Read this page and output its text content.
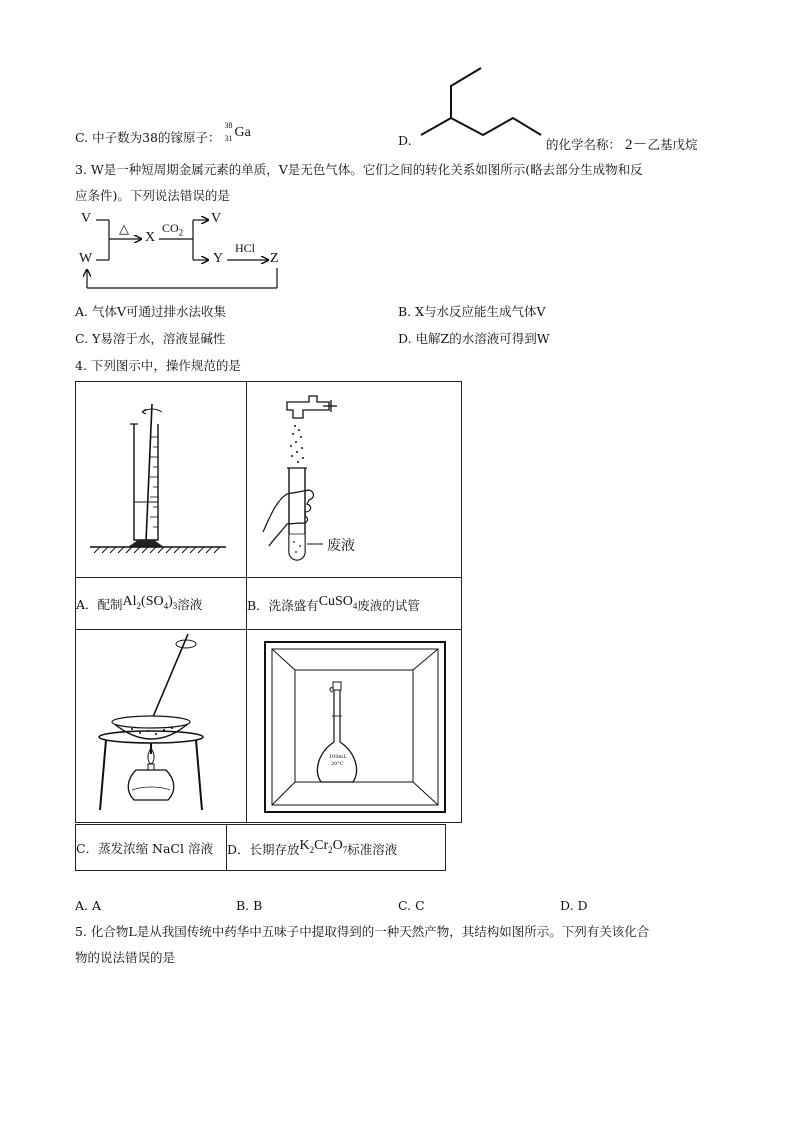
C. 中子数为38的镓原子：
38
31 Ga
D.	的化学名称： 2－乙基戊烷
3. W是一种短周期金属元素的单质，V是无色气体。它们之间的转化关系如图所示(略去部分生成物和反
应条件)。下列说法错误的是
V
W
△
X
$CO_2$
V
Y
HCl
Z
A. 气体V可通过排水法收集	B. X与水反应能生成气体V
C. Y易溶于水，溶液显碱性	D. 电解Z的水溶液可得到W
4. 下列图示中，操作规范的是

废液

A．配制$Al_2(SO_4)_3$溶液	B．洗涤盛有CuSO$_4$废液的试管

100mL
20°C
C．蒸发浓缩 NaCl 溶液	D．长期存放$K_2Cr_2O_7$标准溶液
A. A	B. B	C. C	D. D
5. 化合物L是从我国传统中药华中五味子中提取得到的一种天然产物，其结构如图所示。下列有关该化合
物的说法错误的是
